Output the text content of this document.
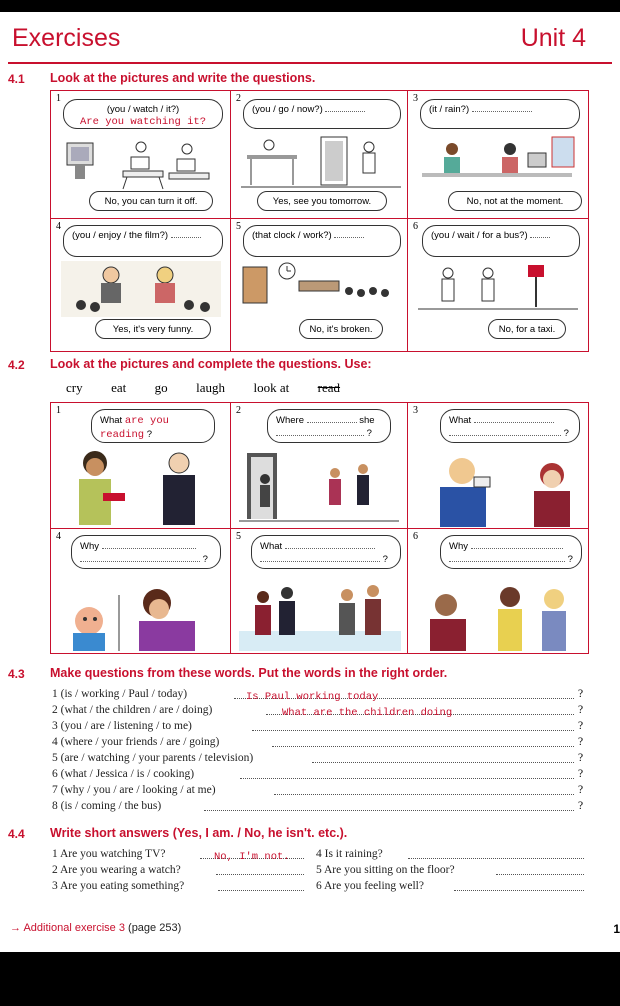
Exercises	Unit 4
4.1 Look at the pictures and write the questions.
1
(you / watch / it?)
Are you watching it?
No, you can turn it off.
2
(you / go / now?)
Yes, see you tomorrow.
3
(it / rain?)
No, not at the moment.
4
(you / enjoy / the film?)
Yes, it's very funny.
5
(that clock / work?)
No, it's broken.
6
(you / wait / for a bus?)
No, for a taxi.
4.2 Look at the pictures and complete the questions. Use:
cry eat go laugh look at read
1
What are you
reading ?
2
Where	she
?
3
What
?
4
Why
?
5
What
?
6
Why
?
4.3 Make questions from these words. Put the words in the right order.
1 (is / working / Paul / today)	Is Paul working today	?
2 (what / the children / are / doing)	What are the children doing	?
3 (you / are / listening / to me)	?
4 (where / your friends / are / going)	?
5 (are / watching / your parents / television)	?
6 (what / Jessica / is / cooking)	?
7 (why / you / are / looking / at me)	?
8 (is / coming / the bus)	?
4.4 Write short answers (Yes, I am. / No, he isn't. etc.).
1 Are you watching TV?	No, I'm not.
2 Are you wearing a watch?
3 Are you eating something?
4 Is it raining?
5 Are you sitting on the floor?
6 Are you feeling well?
→ Additional exercise 3 (page 253)	1
